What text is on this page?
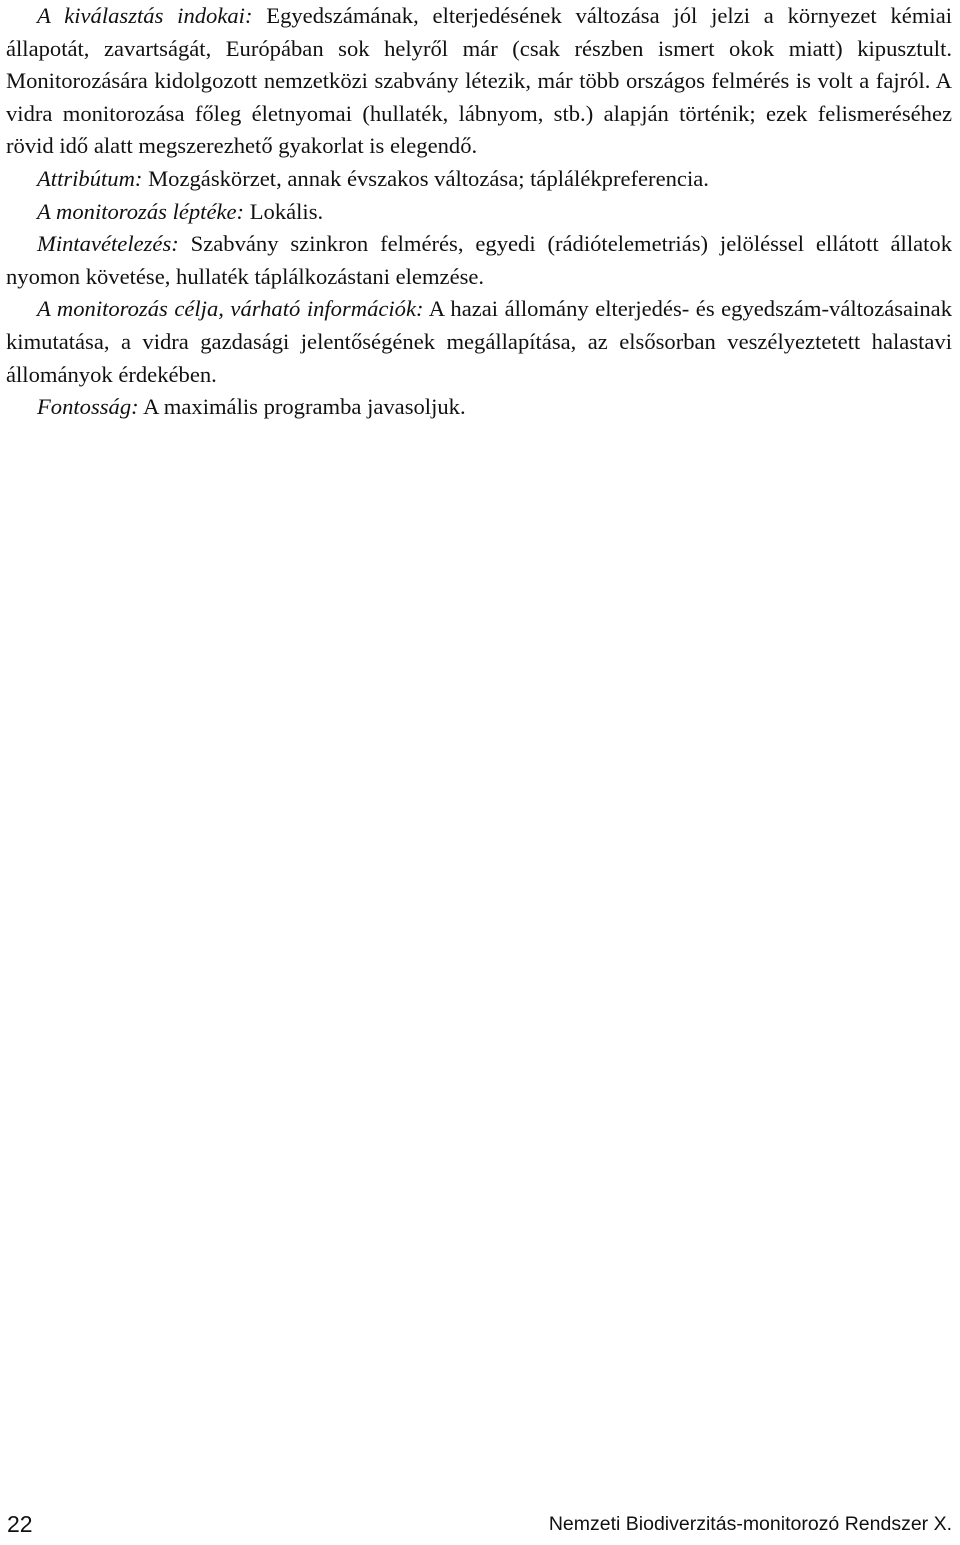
A kiválasztás indokai: Egyedszámának, elterjedésének változása jól jelzi a környezet kémiai állapotát, zavartságát, Európában sok helyről már (csak részben ismert okok miatt) kipusztult. Monitorozására kidolgozott nemzetközi szabvány létezik, már több országos felmérés is volt a fajról. A vidra monitorozása főleg életnyomai (hullaték, lábnyom, stb.) alapján történik; ezek felismeréséhez rövid idő alatt megszerezhető gyakorlat is elegendő.

Attribútum: Mozgáskörzet, annak évszakos változása; táplálékpreferencia.

A monitorozás léptéke: Lokális.

Mintavételezés: Szabvány szinkron felmérés, egyedi (rádiótelemetriás) jelöléssel ellátott állatok nyomon követése, hullaték táplálkozástani elemzése.

A monitorozás célja, várható információk: A hazai állomány elterjedés- és egyedszám-változásainak kimutatása, a vidra gazdasági jelentőségének megállapítása, az elsősorban veszélyeztetett halastavi állományok érdekében.

Fontosság: A maximális programba javasoljuk.

22	Nemzeti Biodiverzitás-monitorozó Rendszer X.
